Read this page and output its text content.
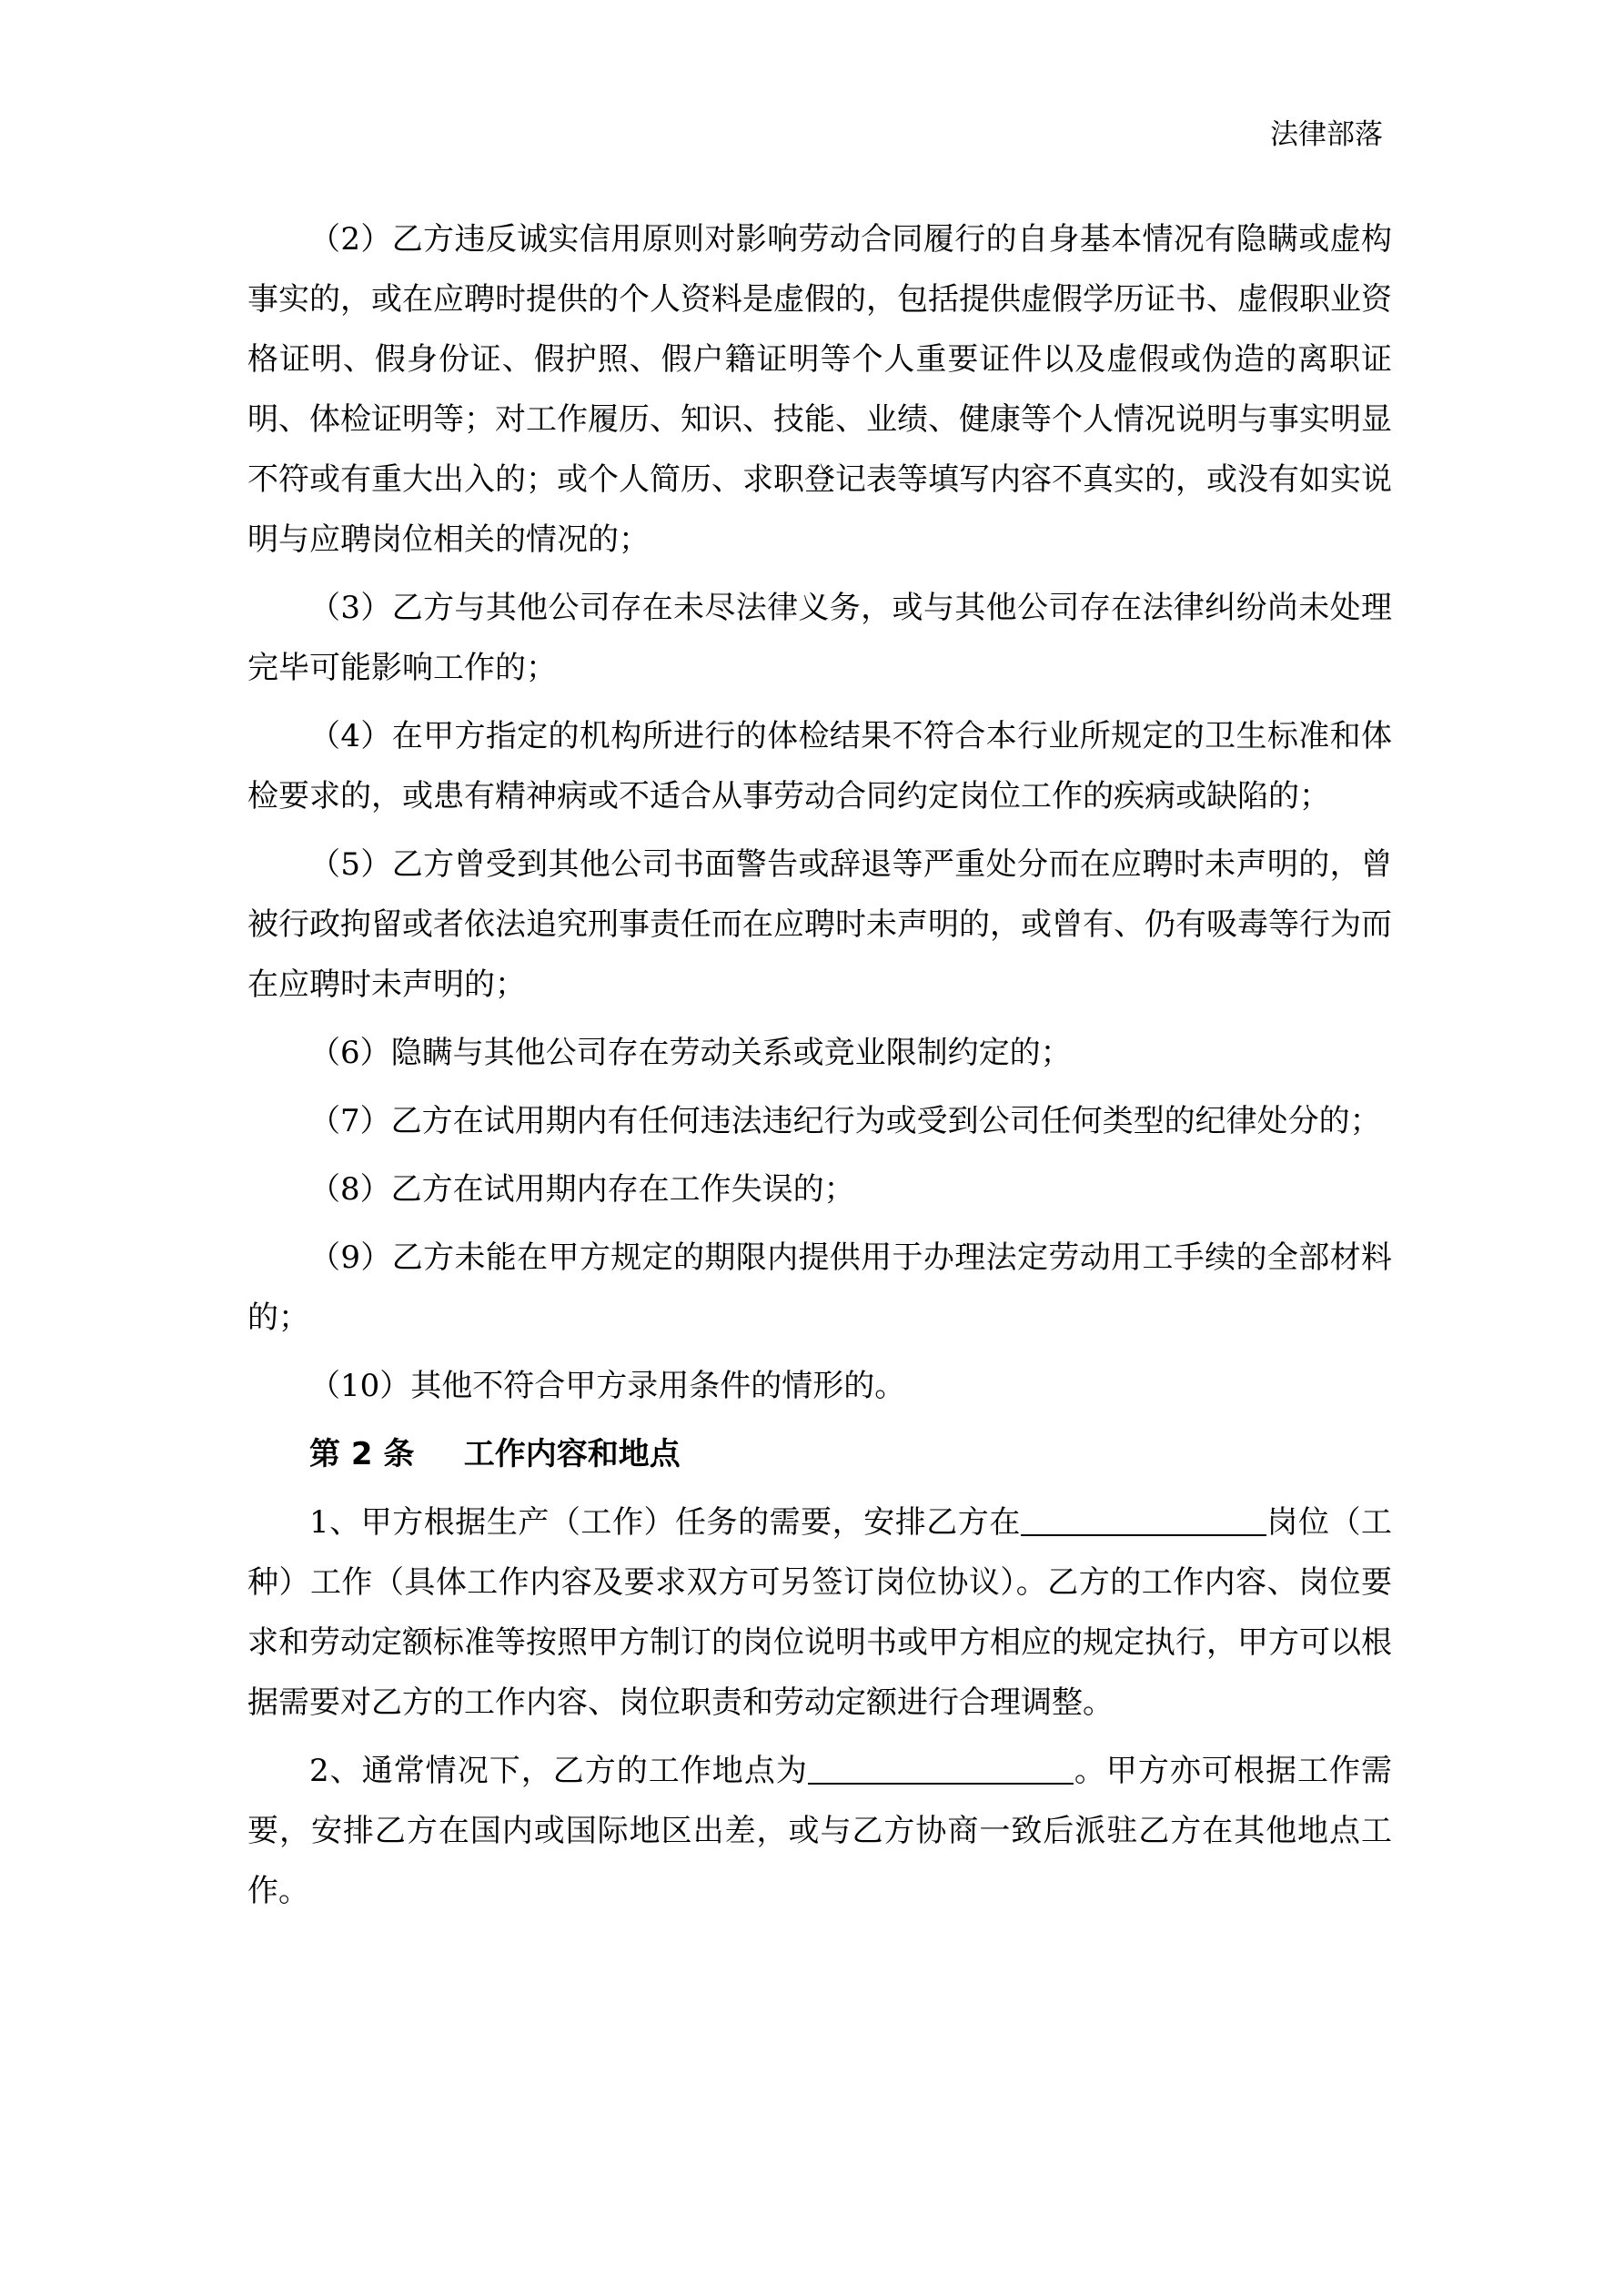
法律部落

（2）乙方违反诚实信用原则对影响劳动合同履行的自身基本情况有隐瞒或虚构事实的，或在应聘时提供的个人资料是虚假的，包括提供虚假学历证书、虚假职业资格证明、假身份证、假护照、假户籍证明等个人重要证件以及虚假或伪造的离职证明、体检证明等；对工作履历、知识、技能、业绩、健康等个人情况说明与事实明显不符或有重大出入的；或个人简历、求职登记表等填写内容不真实的，或没有如实说明与应聘岗位相关的情况的；

（3）乙方与其他公司存在未尽法律义务，或与其他公司存在法律纠纷尚未处理完毕可能影响工作的；

（4）在甲方指定的机构所进行的体检结果不符合本行业所规定的卫生标准和体检要求的，或患有精神病或不适合从事劳动合同约定岗位工作的疾病或缺陷的；

（5）乙方曾受到其他公司书面警告或辞退等严重处分而在应聘时未声明的，曾被行政拘留或者依法追究刑事责任而在应聘时未声明的，或曾有、仍有吸毒等行为而在应聘时未声明的；

（6）隐瞒与其他公司存在劳动关系或竞业限制约定的；

（7）乙方在试用期内有任何违法违纪行为或受到公司任何类型的纪律处分的；

（8）乙方在试用期内存在工作失误的；

（9）乙方未能在甲方规定的期限内提供用于办理法定劳动用工手续的全部材料的；

（10）其他不符合甲方录用条件的情形的。

第 2 条 工作内容和地点

1、甲方根据生产（工作）任务的需要，安排乙方在	岗位（工种）工作（具体工作内容及要求双方可另签订岗位协议）。乙方的工作内容、岗位要求和劳动定额标准等按照甲方制订的岗位说明书或甲方相应的规定执行，甲方可以根据需要对乙方的工作内容、岗位职责和劳动定额进行合理调整。

2、通常情况下，乙方的工作地点为	。甲方亦可根据工作需要，安排乙方在国内或国际地区出差，或与乙方协商一致后派驻乙方在其他地点工作。
